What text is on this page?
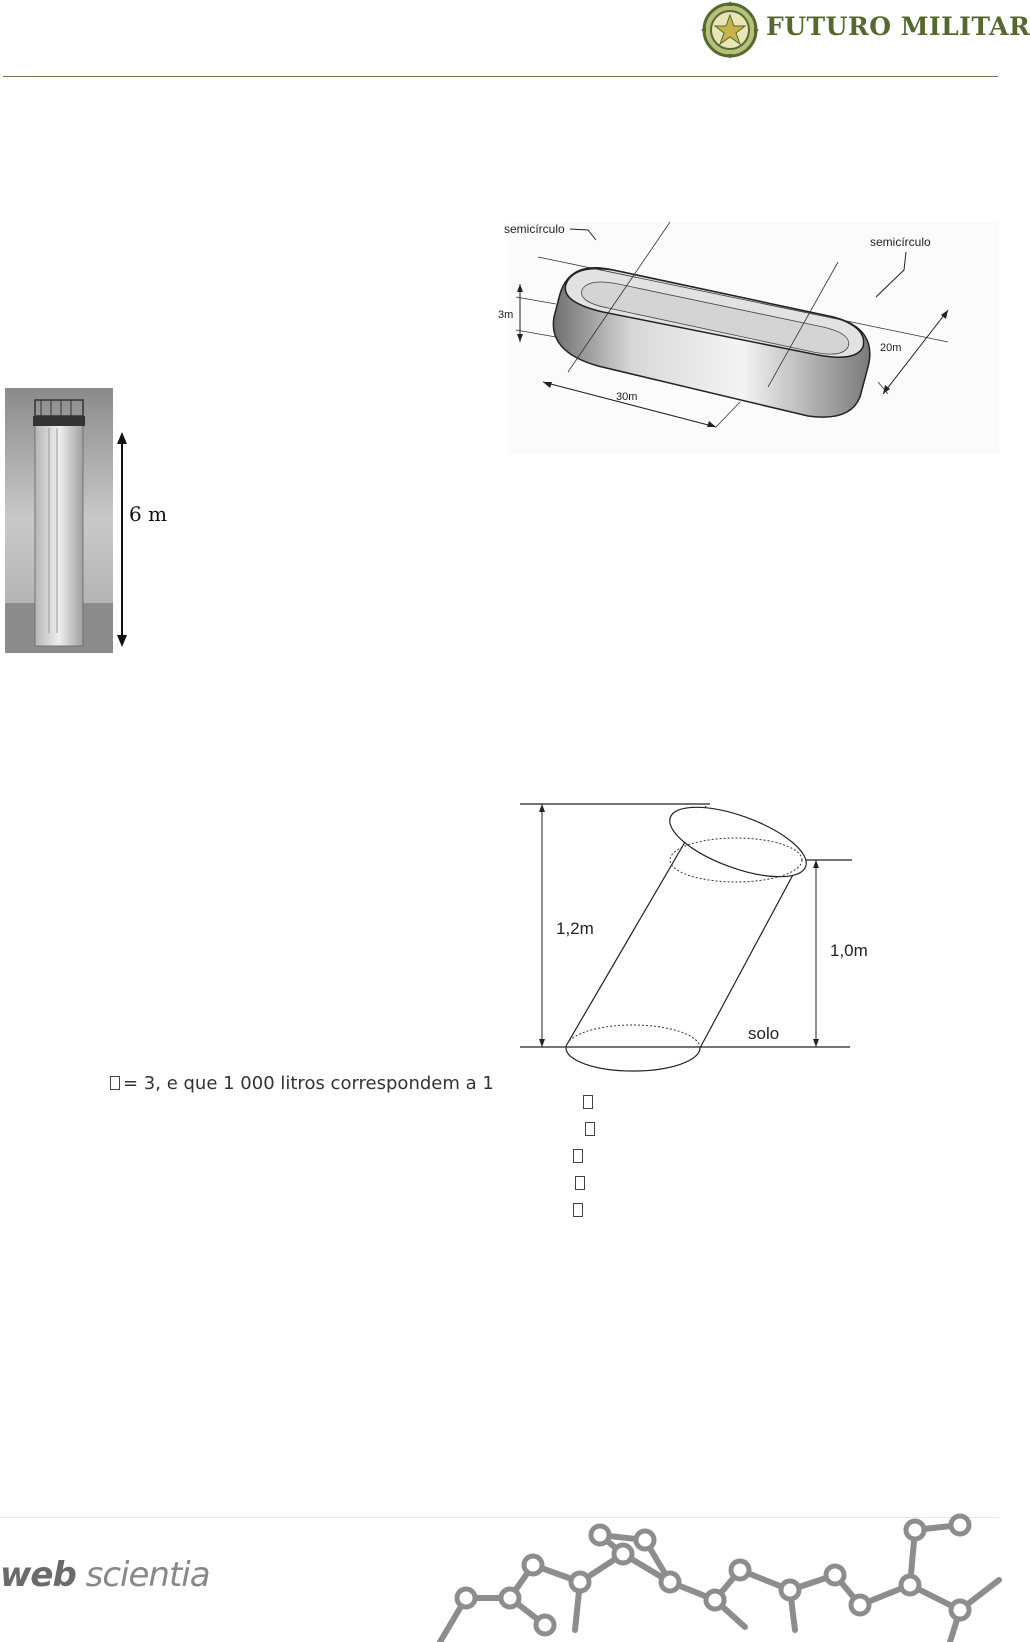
FUTURO MILITAR
semicírculo
semicírculo
3m
20m
30m
6 m
1,2m
1,0m
solo
= 3, e que 1 000 litros correspondem a 1
web scientia
